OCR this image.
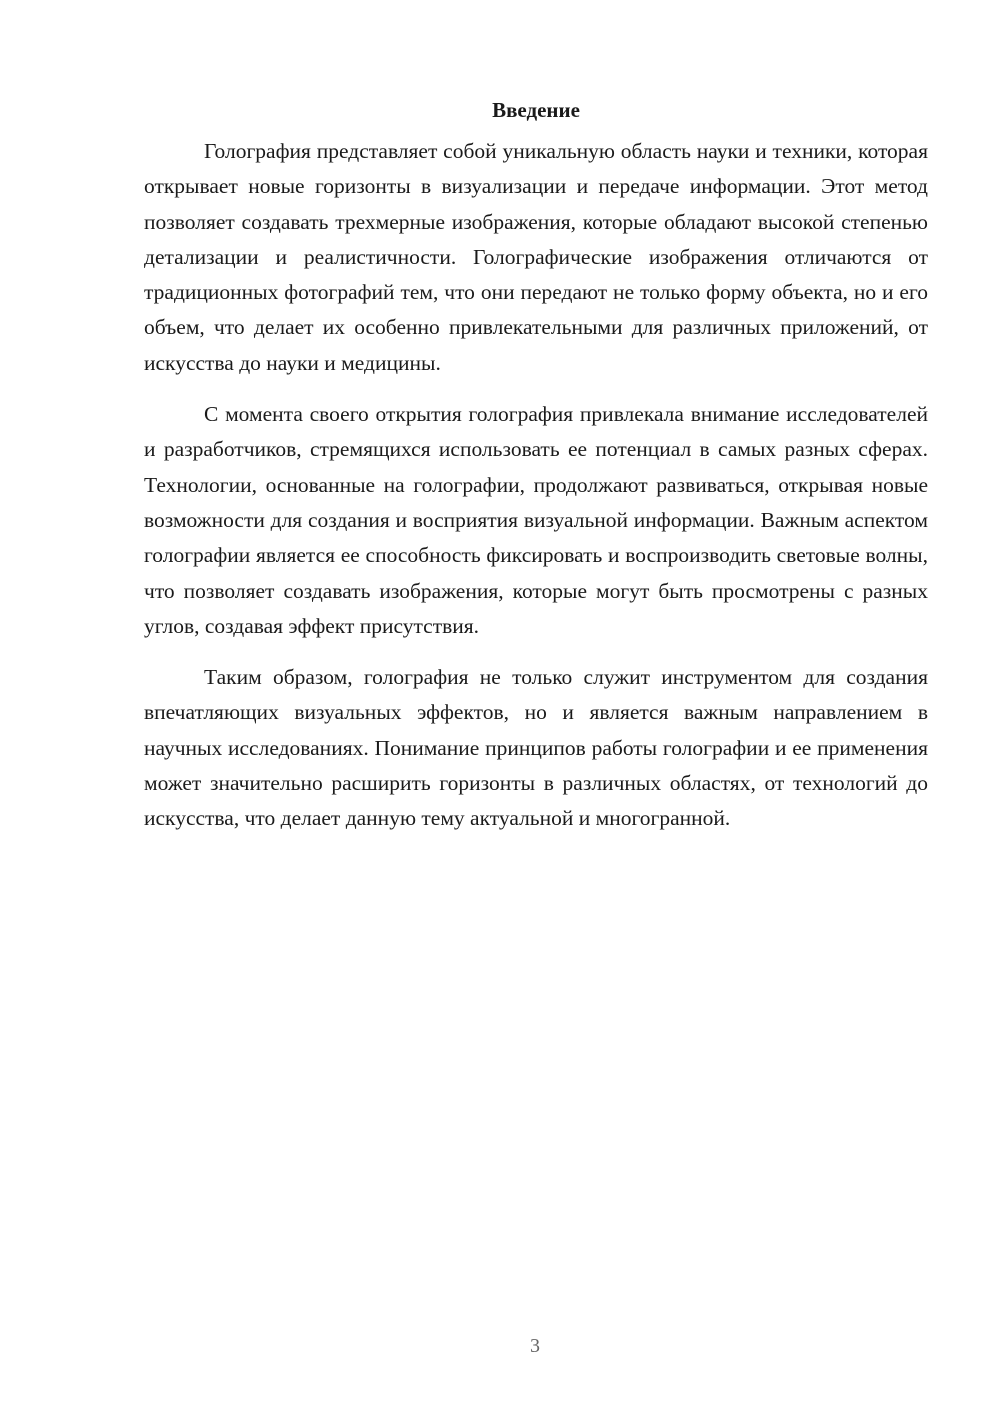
Введение

Голография представляет собой уникальную область науки и техники, которая открывает новые горизонты в визуализации и передаче информации. Этот метод позволяет создавать трехмерные изображения, которые обладают высокой степенью детализации и реалистичности. Голографические изображения отличаются от традиционных фотографий тем, что они передают не только форму объекта, но и его объем, что делает их особенно привлекательными для различных приложений, от искусства до науки и медицины.

С момента своего открытия голография привлекала внимание исследователей и разработчиков, стремящихся использовать ее потенциал в самых разных сферах. Технологии, основанные на голографии, продолжают развиваться, открывая новые возможности для создания и восприятия визуальной информации. Важным аспектом голографии является ее способность фиксировать и воспроизводить световые волны, что позволяет создавать изображения, которые могут быть просмотрены с разных углов, создавая эффект присутствия.

Таким образом, голография не только служит инструментом для создания впечатляющих визуальных эффектов, но и является важным направлением в научных исследованиях. Понимание принципов работы голографии и ее применения может значительно расширить горизонты в различных областях, от технологий до искусства, что делает данную тему актуальной и многогранной.

3
